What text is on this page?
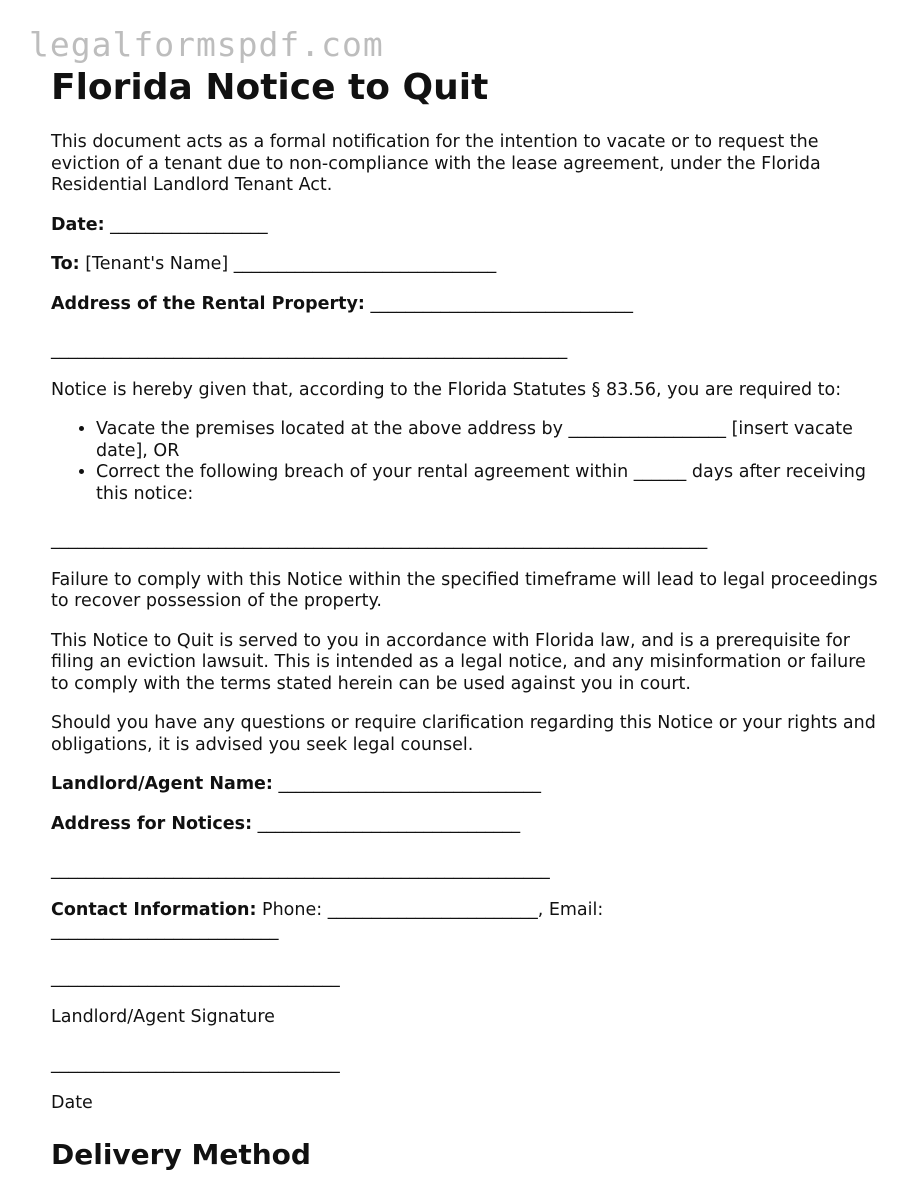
legalformspdf.com
Florida Notice to Quit

This document acts as a formal notification for the intention to vacate or to request the eviction of a tenant due to non-compliance with the lease agreement, under the Florida Residential Landlord Tenant Act.

Date: __________________

To: [Tenant's Name] ______________________________

Address of the Rental Property: ______________________________

___________________________________________________________

Notice is hereby given that, according to the Florida Statutes § 83.56, you are required to:

• Vacate the premises located at the above address by __________________ [insert vacate date], OR
• Correct the following breach of your rental agreement within ______ days after receiving this notice:

___________________________________________________________________________

Failure to comply with this Notice within the specified timeframe will lead to legal proceedings to recover possession of the property.

This Notice to Quit is served to you in accordance with Florida law, and is a prerequisite for filing an eviction lawsuit. This is intended as a legal notice, and any misinformation or failure to comply with the terms stated herein can be used against you in court.

Should you have any questions or require clarification regarding this Notice or your rights and obligations, it is advised you seek legal counsel.

Landlord/Agent Name: ______________________________

Address for Notices: ______________________________

_________________________________________________________

Contact Information: Phone: ________________________, Email:
__________________________

_________________________________

Landlord/Agent Signature

_________________________________

Date

Delivery Method
